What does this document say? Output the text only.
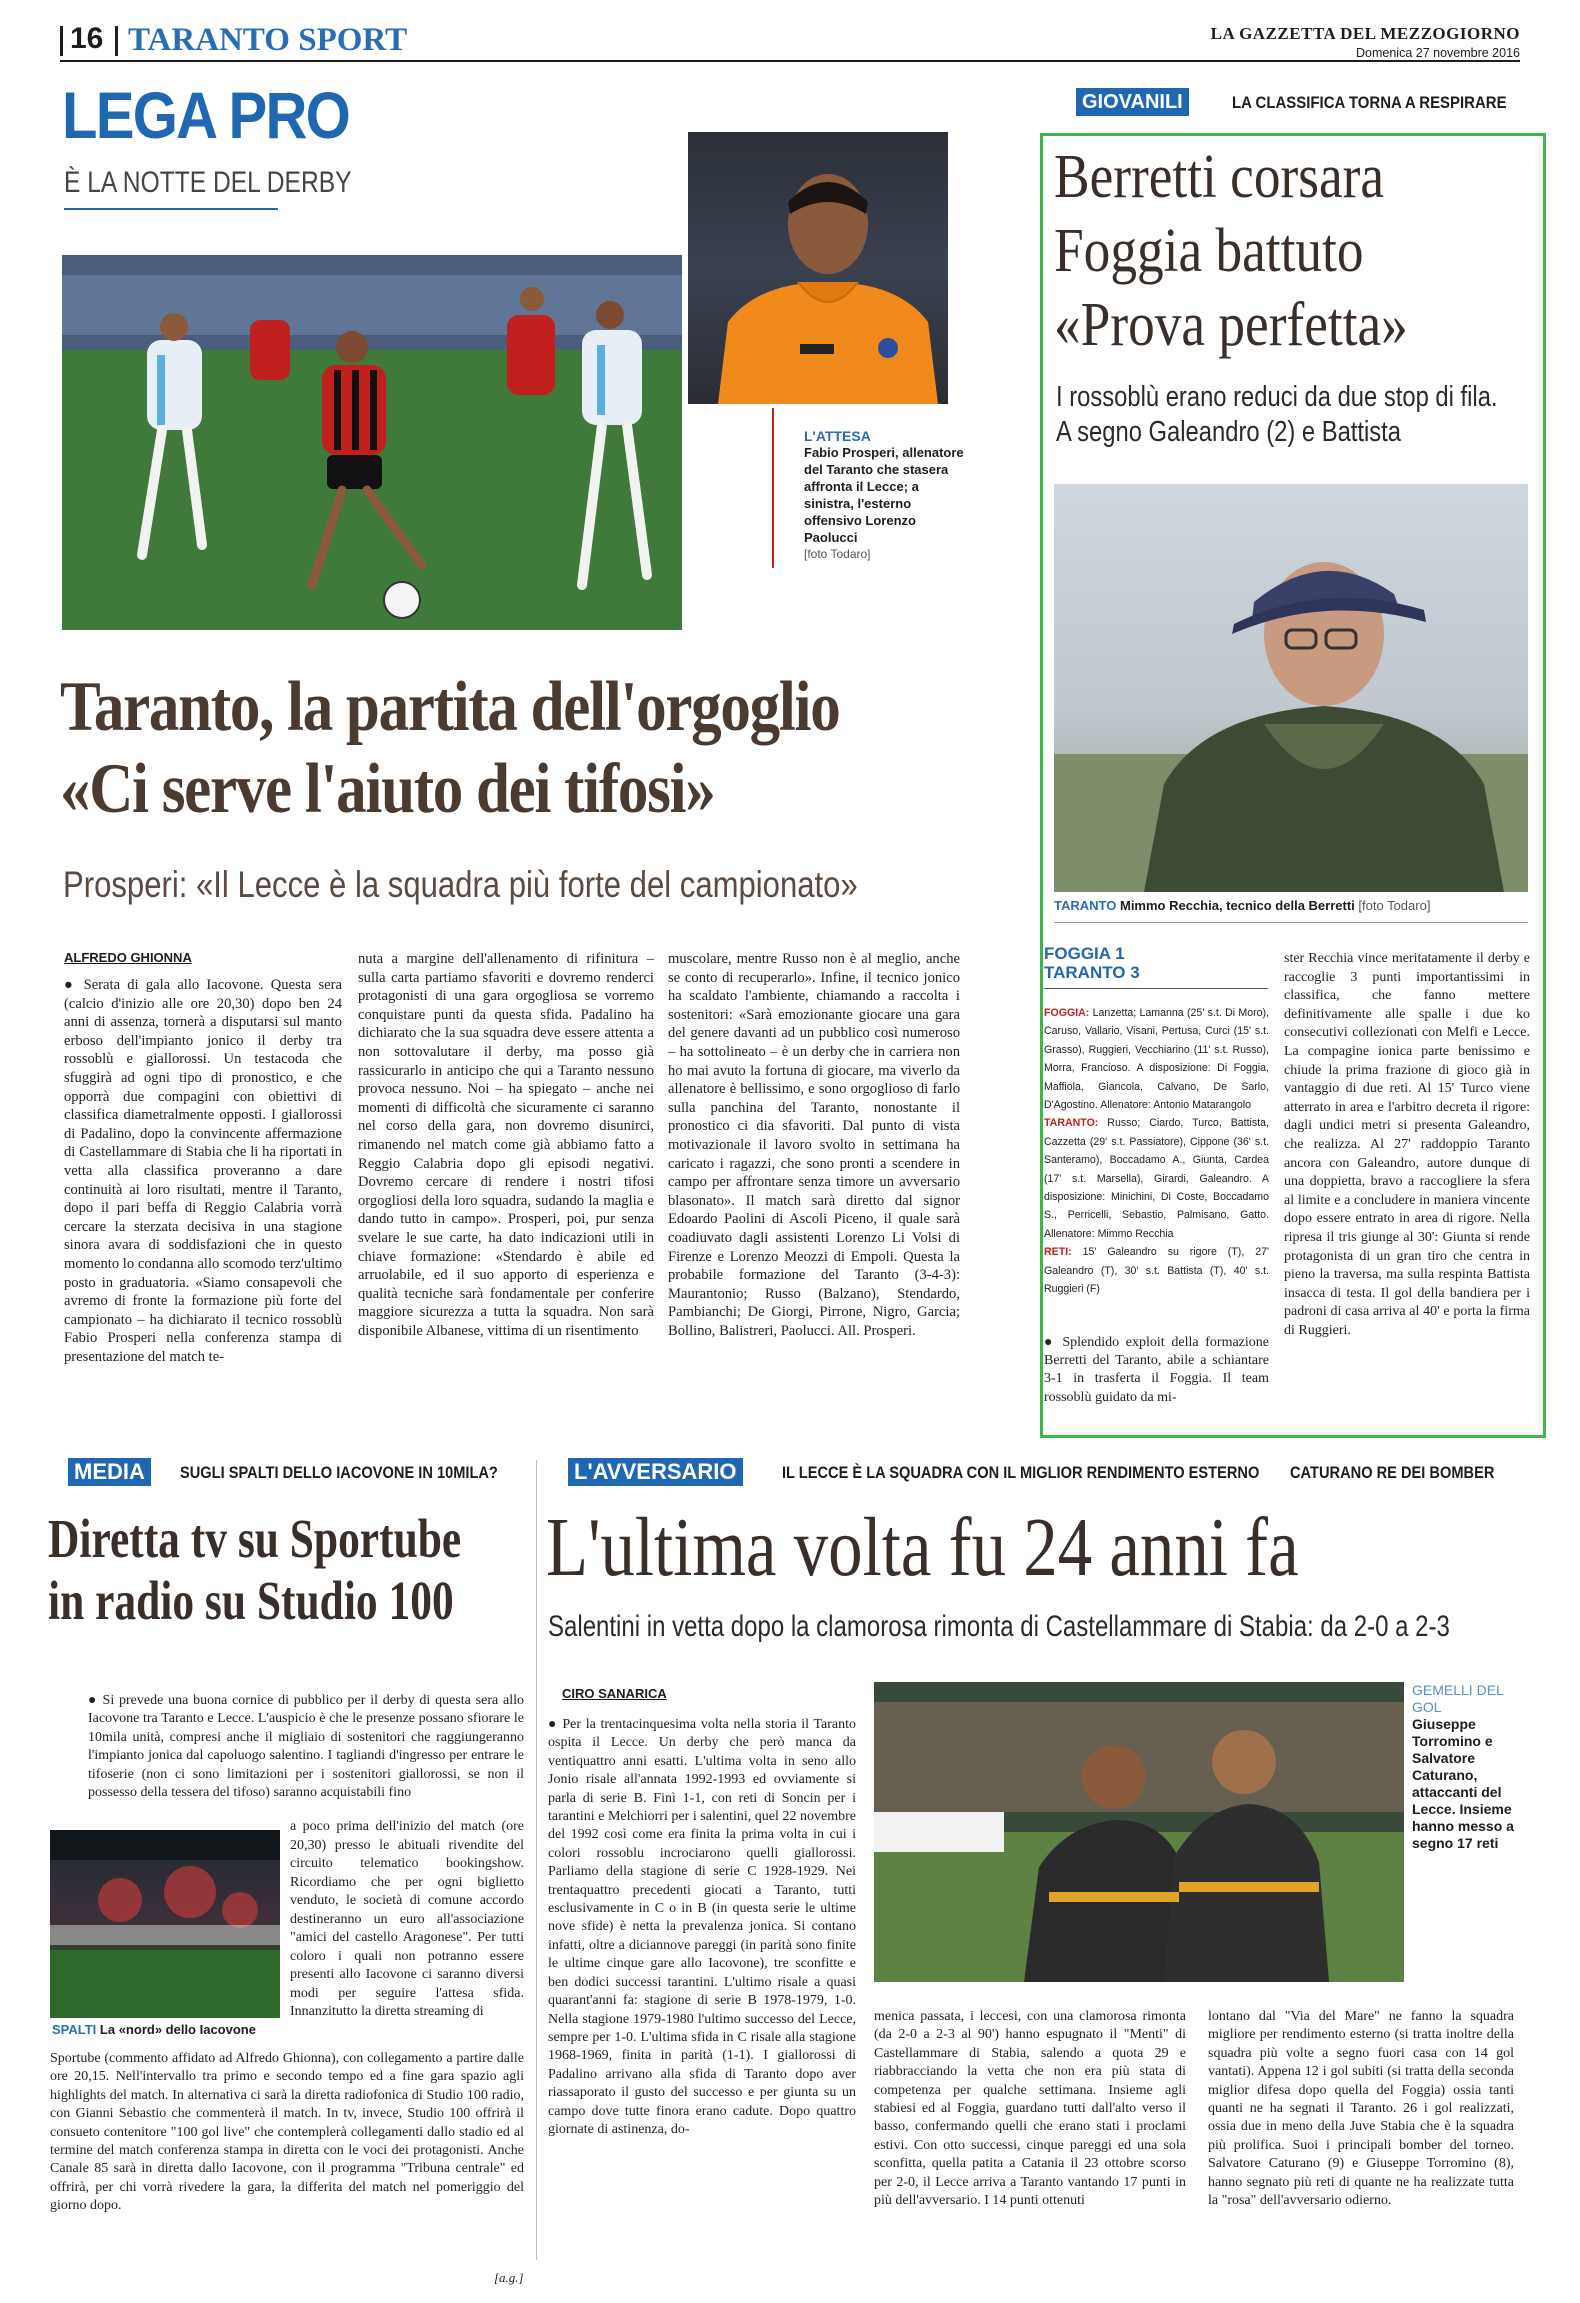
16 TARANTO SPORT	LA GAZZETTA DEL MEZZOGIORNO
Domenica 27 novembre 2016
LEGA PRO
È LA NOTTE DEL DERBY
L'ATTESA
Fabio Prosperi, allenatore del Taranto che stasera affronta il Lecce; a sinistra, l'esterno offensivo Lorenzo Paolucci
[foto Todaro]
Taranto, la partita dell'orgoglio
«Ci serve l'aiuto dei tifosi»
Prosperi: «Il Lecce è la squadra più forte del campionato»
ALFREDO GHIONNA

● Serata di gala allo Iacovone. Questa sera (calcio d'inizio alle ore 20,30) dopo ben 24 anni di assenza, tornerà a disputarsi sul manto erboso dell'impianto jonico il derby tra rossoblù e giallorossi. Un testacoda che sfuggirà ad ogni tipo di pronostico, e che opporrà due compagini con obiettivi di classifica diametralmente opposti. I giallorossi di Padalino, dopo la convincente affermazione di Castellammare di Stabia che li ha riportati in vetta alla classifica proveranno a dare continuità ai loro risultati, mentre il Taranto, dopo il pari beffa di Reggio Calabria vorrà cercare la sterzata decisiva in una stagione sinora avara di soddisfazioni che in questo momento lo condanna allo scomodo terz'ultimo posto in graduatoria. «Siamo consapevoli che avremo di fronte la formazione più forte del campionato – ha dichiarato il tecnico rossoblù Fabio Prosperi nella conferenza stampa di presentazione del match te-

nuta a margine dell'allenamento di rifinitura – sulla carta partiamo sfavoriti e dovremo renderci protagonisti di una gara orgogliosa se vorremo conquistare punti da questa sfida. Padalino ha dichiarato che la sua squadra deve essere attenta a non sottovalutare il derby, ma posso già rassicurarlo in anticipo che qui a Taranto nessuno provoca nessuno. Noi – ha spiegato – anche nei momenti di difficoltà che sicuramente ci saranno nel corso della gara, non dovremo disunirci, rimanendo nel match come già abbiamo fatto a Reggio Calabria dopo gli episodi negativi. Dovremo cercare di rendere i nostri tifosi orgogliosi della loro squadra, sudando la maglia e dando tutto in campo». Prosperi, poi, pur senza svelare le sue carte, ha dato indicazioni utili in chiave formazione: «Stendardo è abile ed arruolabile, ed il suo apporto di esperienza e qualità tecniche sarà fondamentale per conferire maggiore sicurezza a tutta la squadra. Non sarà disponibile Albanese, vittima di un risentimento

muscolare, mentre Russo non è al meglio, anche se conto di recuperarlo». Infine, il tecnico jonico ha scaldato l'ambiente, chiamando a raccolta i sostenitori: «Sarà emozionante giocare una gara del genere davanti ad un pubblico così numeroso – ha sottolineato – è un derby che in carriera non ho mai avuto la fortuna di giocare, ma viverlo da allenatore è bellissimo, e sono orgoglioso di farlo sulla panchina del Taranto, nonostante il pronostico ci dia sfavoriti. Dal punto di vista motivazionale il lavoro svolto in settimana ha caricato i ragazzi, che sono pronti a scendere in campo per affrontare senza timore un avversario blasonato». Il match sarà diretto dal signor Edoardo Paolini di Ascoli Piceno, il quale sarà coadiuvato dagli assistenti Lorenzo Li Volsi di Firenze e Lorenzo Meozzi di Empoli. Questa la probabile formazione del Taranto (3-4-3): Maurantonio; Russo (Balzano), Stendardo, Pambianchi; De Giorgi, Pirrone, Nigro, Garcia; Bollino, Balistreri, Paolucci. All. Prosperi.

GIOVANILI	LA CLASSIFICA TORNA A RESPIRARE
Berretti corsara
Foggia battuto
«Prova perfetta»
I rossoblù erano reduci da due stop di fila. A segno Galeandro (2) e Battista
TARANTO Mimmo Recchia, tecnico della Berretti [foto Todaro]
FOGGIA 1
TARANTO 3
FOGGIA: Lanzetta; Lamanna (25' s.t. Di Moro), Caruso, Vallario, Visani, Pertusa, Curci (15' s.t. Grasso), Ruggieri, Vecchiarino (11' s.t. Russo), Morra, Francioso. A disposizione: Di Foggia, Maffiola, Giancola, Calvano, De Sarlo, D'Agostino. Allenatore: Antonio Matarangolo
TARANTO: Russo; Ciardo, Turco, Battista, Cazzetta (29' s.t. Passiatore), Cipponе (36' s.t. Santeramo), Boccadamo A., Giunta, Cardea (17' s.t. Marsella), Girardi, Galeandro. A disposizione: Minichini, Di Coste, Boccadamo S., Perricelli, Sebastio, Palmisano, Gatto. Allenatore: Mimmo Recchia
RETI: 15' Galeandro su rigore (T), 27' Galeandro (T), 30' s.t. Battista (T), 40' s.t. Ruggieri (F)

● Splendido exploit della formazione Berretti del Taranto, abile a schiantare 3-1 in trasferta il Foggia. Il team rossoblù guidato da mi-

ster Recchia vince meritatamente il derby e raccoglie 3 punti importantissimi in classifica, che fanno mettere definitivamente alle spalle i due ko consecutivi collezionati con Melfi e Lecce. La compagine ionica parte benissimo e chiude la prima frazione di gioco già in vantaggio di due reti. Al 15' Turco viene atterrato in area e l'arbitro decreta il rigore: dagli undici metri si presenta Galeandro, che realizza. Al 27' raddoppio Taranto ancora con Galeandro, autore dunque di una doppietta, bravo a raccogliere la sfera al limite e a concludere in maniera vincente dopo essere entrato in area di rigore. Nella ripresa il tris giunge al 30': Giunta si rende protagonista di un gran tiro che centra in pieno la traversa, ma sulla respinta Battista insacca di testa. Il gol della bandiera per i padroni di casa arriva al 40' e porta la firma di Ruggieri.

MEDIA	SUGLI SPALTI DELLO IACOVONE IN 10MILA?
Diretta tv su Sportube
in radio su Studio 100

● Si prevede una buona cornice di pubblico per il derby di questa sera allo Iacovone tra Taranto e Lecce. L'auspicio è che le presenze possano sfiorare le 10mila unità, compresi anche il migliaio di sostenitori che raggiungeranno l'impianto jonica dal capoluogo salentino. I tagliandi d'ingresso per entrare le tifoserie (non ci sono limitazioni per i sostenitori giallorossi, se non il possesso della tessera del tifoso) saranno acquistabili fino

SPALTI La «nord» dello Iacovone

a poco prima dell'inizio del match (ore 20,30) presso le abituali rivendite del circuito telematico bookingshow. Ricordiamo che per ogni biglietto venduto, le società di comune accordo destineranno un euro all'associazione "amici del castello Aragonese". Per tutti coloro i quali non potranno essere presenti allo Iacovone ci saranno diversi modi per seguire l'attesa sfida. Innanzitutto la diretta streaming di

Sportube (commento affidato ad Alfredo Ghionna), con collegamento a partire dalle ore 20,15. Nell'intervallo tra primo e secondo tempo ed a fine gara spazio agli highlights del match. In alternativa ci sarà la diretta radiofonica di Studio 100 radio, con Gianni Sebastio che commenterà il match. In tv, invece, Studio 100 offrirà il consueto contenitore "100 gol live" che contemplerà collegamenti dallo stadio ed al termine del match conferenza stampa in diretta con le voci dei protagonisti. Anche Canale 85 sarà in diretta dallo Iacovone, con il programma "Tribuna centrale" ed offrirà, per chi vorrà rivedere la gara, la differita del match nel pomeriggio del giorno dopo.

[a.g.]
L'AVVERSARIO	IL LECCE È LA SQUADRA CON IL MIGLIOR RENDIMENTO ESTERNO CATURANO RE DEI BOMBER
L'ultima volta fu 24 anni fa
Salentini in vetta dopo la clamorosa rimonta di Castellammare di Stabia: da 2-0 a 2-3
CIRO SANARICA

● Per la trentacinquesima volta nella storia il Taranto ospita il Lecce. Un derby che però manca da ventiquattro anni esatti. L'ultima volta in seno allo Jonio risale all'annata 1992-1993 ed ovviamente si parla di serie B. Finì 1-1, con reti di Soncin per i tarantini e Melchiorri per i salentini, quel 22 novembre del 1992 così come era finita la prima volta in cui i colori rossoblu incrociarono quelli giallorossi. Parliamo della stagione di serie C 1928-1929. Nei trentaquattro precedenti giocati a Taranto, tutti esclusivamente in C o in B (in questa serie le ultime nove sfide) è netta la prevalenza jonica. Si contano infatti, oltre a diciannove pareggi (in parità sono finite le ultime cinque gare allo Iacovone), tre sconfitte e ben dodici successi tarantini. L'ultimo risale a quasi quarant'anni fa: stagione di serie B 1978-1979, 1-0. Nella stagione 1979-1980 l'ultimo successo del Lecce, sempre per 1-0. L'ultima sfida in C risale alla stagione 1968-1969, finita in parità (1-1). I giallorossi di Padalino arrivano alla sfida di Taranto dopo aver riassaporato il gusto del successo e per giunta su un campo dove tutte finora erano cadute. Dopo quattro giornate di astinenza, do-

GEMELLI DEL GOL
Giuseppe Torromino e Salvatore Caturano, attaccanti del Lecce. Insieme hanno messo a segno 17 reti

menica passata, i leccesi, con una clamorosa rimonta (da 2-0 a 2-3 al 90') hanno espugnato il "Menti" di Castellammare di Stabia, salendo a quota 29 e riabbracciando la vetta che non era più stata di competenza per qualche settimana. Insieme agli stabiesi ed al Foggia, guardano tutti dall'alto verso il basso, confermando quelli che erano stati i proclami estivi. Con otto successi, cinque pareggi ed una sola sconfitta, quella patita a Catania il 23 ottobre scorso per 2-0, il Lecce arriva a Taranto vantando 17 punti in più dell'avversario. I 14 punti ottenuti

lontano dal "Via del Mare" ne fanno la squadra migliore per rendimento esterno (si tratta inoltre della squadra più volte a segno fuori casa con 14 gol vantati). Appena 12 i gol subiti (si tratta della seconda miglior difesa dopo quella del Foggia) ossia tanti quanti ne ha segnati il Taranto. 26 i gol realizzati, ossia due in meno della Juve Stabia che è la squadra più prolifica. Suoi i principali bomber del torneo. Salvatore Caturano (9) e Giuseppe Torromino (8), hanno segnato più reti di quante ne ha realizzate tutta la "rosa" dell'avversario odierno.
